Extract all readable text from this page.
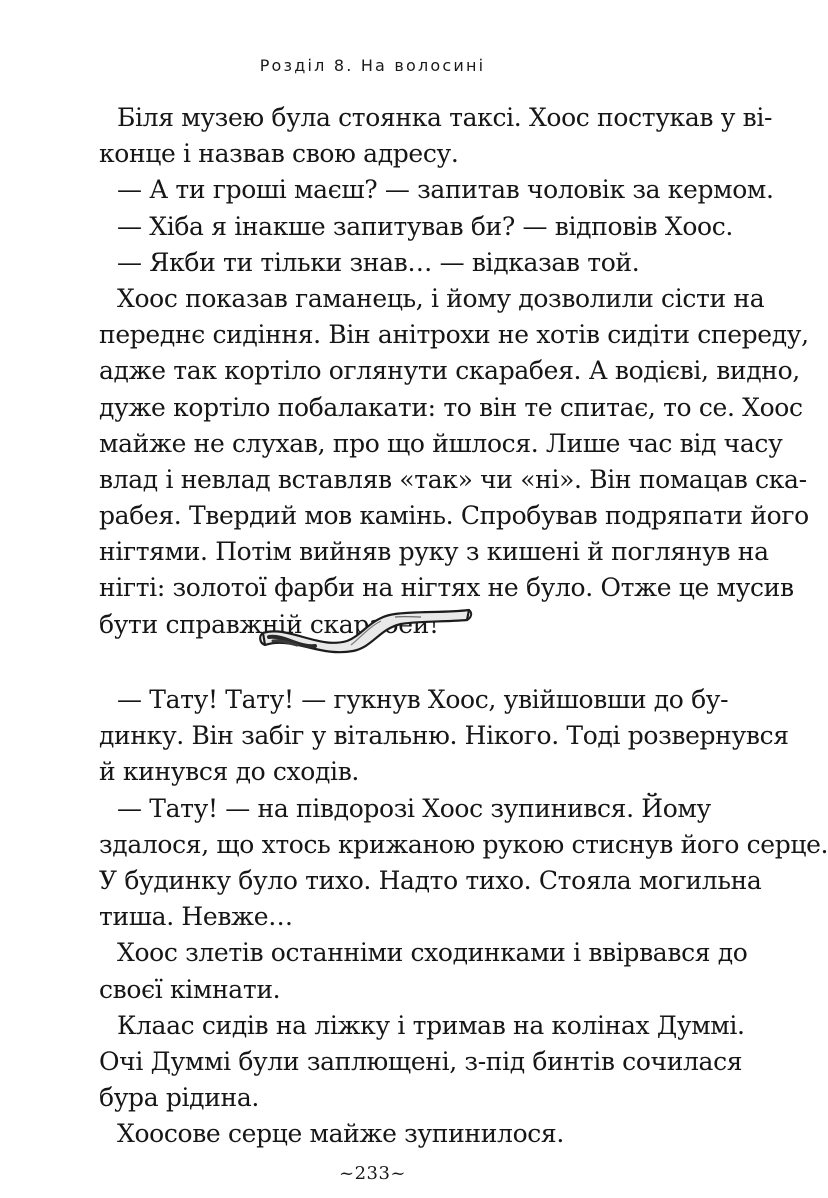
Розділ 8. На волосині
Біля музею була стоянка таксі. Хоос постукав у ві-
конце і назвав свою адресу.
— А ти гроші маєш? — запитав чоловік за кермом.
— Хіба я інакше запитував би? — відповів Хоос.
— Якби ти тільки знав… — відказав той.
Хоос показав гаманець, і йому дозволили сісти на
переднє сидіння. Він анітрохи не хотів сидіти спереду,
адже так кортіло оглянути скарабея. А водієві, видно,
дуже кортіло побалакати: то він те спитає, то се. Хоос
майже не слухав, про що йшлося. Лише час від часу
влад і невлад вставляв «так» чи «ні». Він помацав ска-
рабея. Твердий мов камінь. Спробував подряпати його
нігтями. Потім вийняв руку з кишені й поглянув на
нігті: золотої фарби на нігтях не було. Отже це мусив
бути справжній скарабей!
— Тату! Тату! — гукнув Хоос, увійшовши до бу-
динку. Він забіг у вітальню. Нікого. Тоді розвернувся
й кинувся до сходів.
— Тату! — на півдорозі Хоос зупинився. Йому
здалося, що хтось крижаною рукою стиснув його серце.
У будинку було тихо. Надто тихо. Стояла могильна
тиша. Невже…
Хоос злетів останніми сходинками і ввірвався до
своєї кімнати.
Клаас сидів на ліжку і тримав на колінах Думмі.
Очі Думмі були заплющені, з-під бинтів сочилася
бура рідина.
Хоосове серце майже зупинилося.
~233~
